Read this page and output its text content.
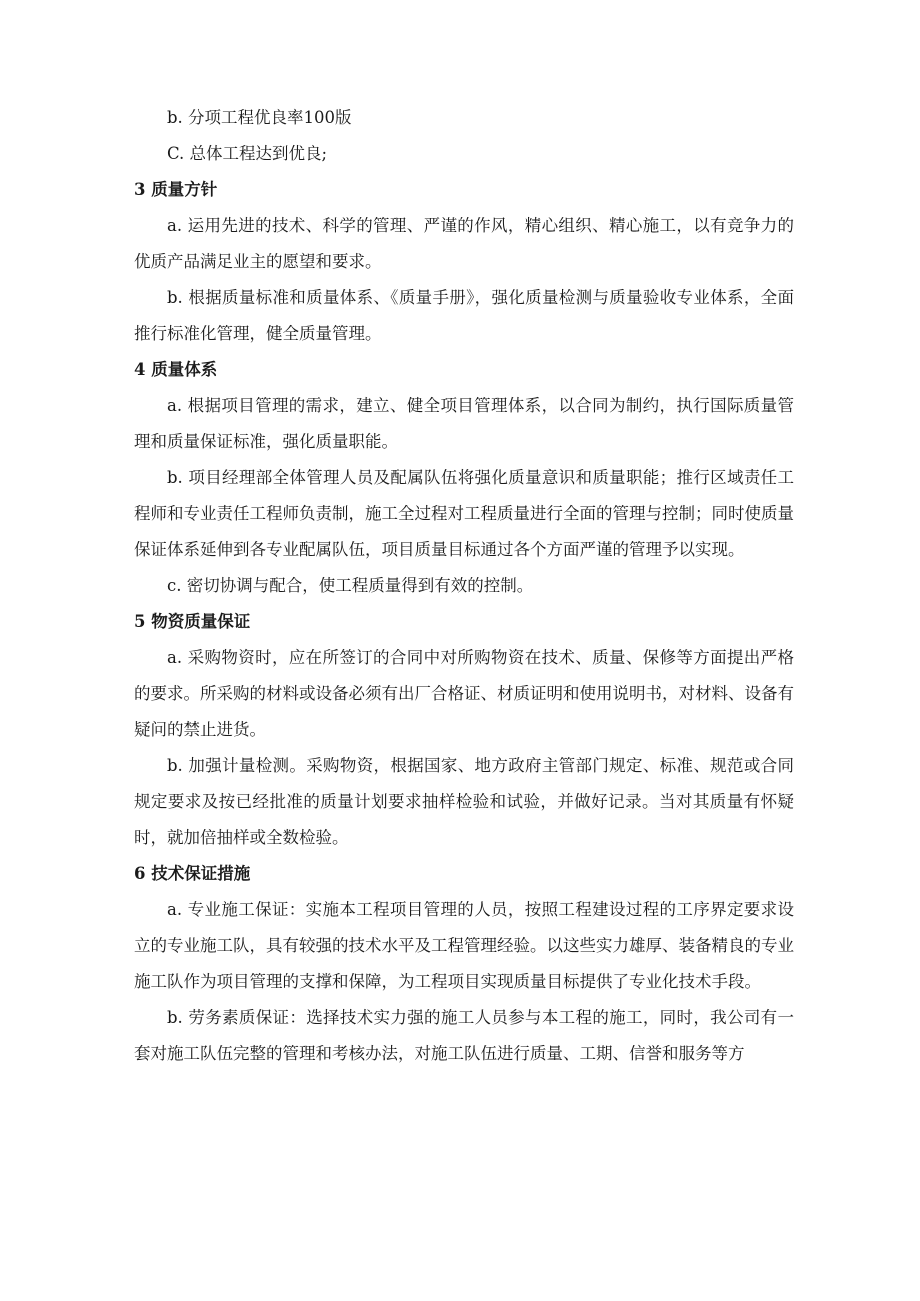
b. 分项工程优良率100版

C. 总体工程达到优良;

3 质量方针

a. 运用先进的技术、科学的管理、严谨的作风，精心组织、精心施工，以有竞争力的优质产品满足业主的愿望和要求。

b. 根据质量标准和质量体系、《质量手册》，强化质量检测与质量验收专业体系，全面推行标准化管理，健全质量管理。

4 质量体系

a. 根据项目管理的需求，建立、健全项目管理体系，以合同为制约，执行国际质量管理和质量保证标准，强化质量职能。

b. 项目经理部全体管理人员及配属队伍将强化质量意识和质量职能；推行区域责任工程师和专业责任工程师负责制，施工全过程对工程质量进行全面的管理与控制；同时使质量保证体系延伸到各专业配属队伍，项目质量目标通过各个方面严谨的管理予以实现。

c. 密切协调与配合，使工程质量得到有效的控制。

5 物资质量保证

a. 采购物资时，应在所签订的合同中对所购物资在技术、质量、保修等方面提出严格的要求。所采购的材料或设备必须有出厂合格证、材质证明和使用说明书，对材料、设备有疑问的禁止进货。

b. 加强计量检测。采购物资，根据国家、地方政府主管部门规定、标准、规范或合同规定要求及按已经批准的质量计划要求抽样检验和试验，并做好记录。当对其质量有怀疑时，就加倍抽样或全数检验。

6 技术保证措施

a. 专业施工保证：实施本工程项目管理的人员，按照工程建设过程的工序界定要求设立的专业施工队，具有较强的技术水平及工程管理经验。以这些实力雄厚、装备精良的专业施工队作为项目管理的支撑和保障，为工程项目实现质量目标提供了专业化技术手段。

b. 劳务素质保证：选择技术实力强的施工人员参与本工程的施工，同时，我公司有一套对施工队伍完整的管理和考核办法，对施工队伍进行质量、工期、信誉和服务等方
